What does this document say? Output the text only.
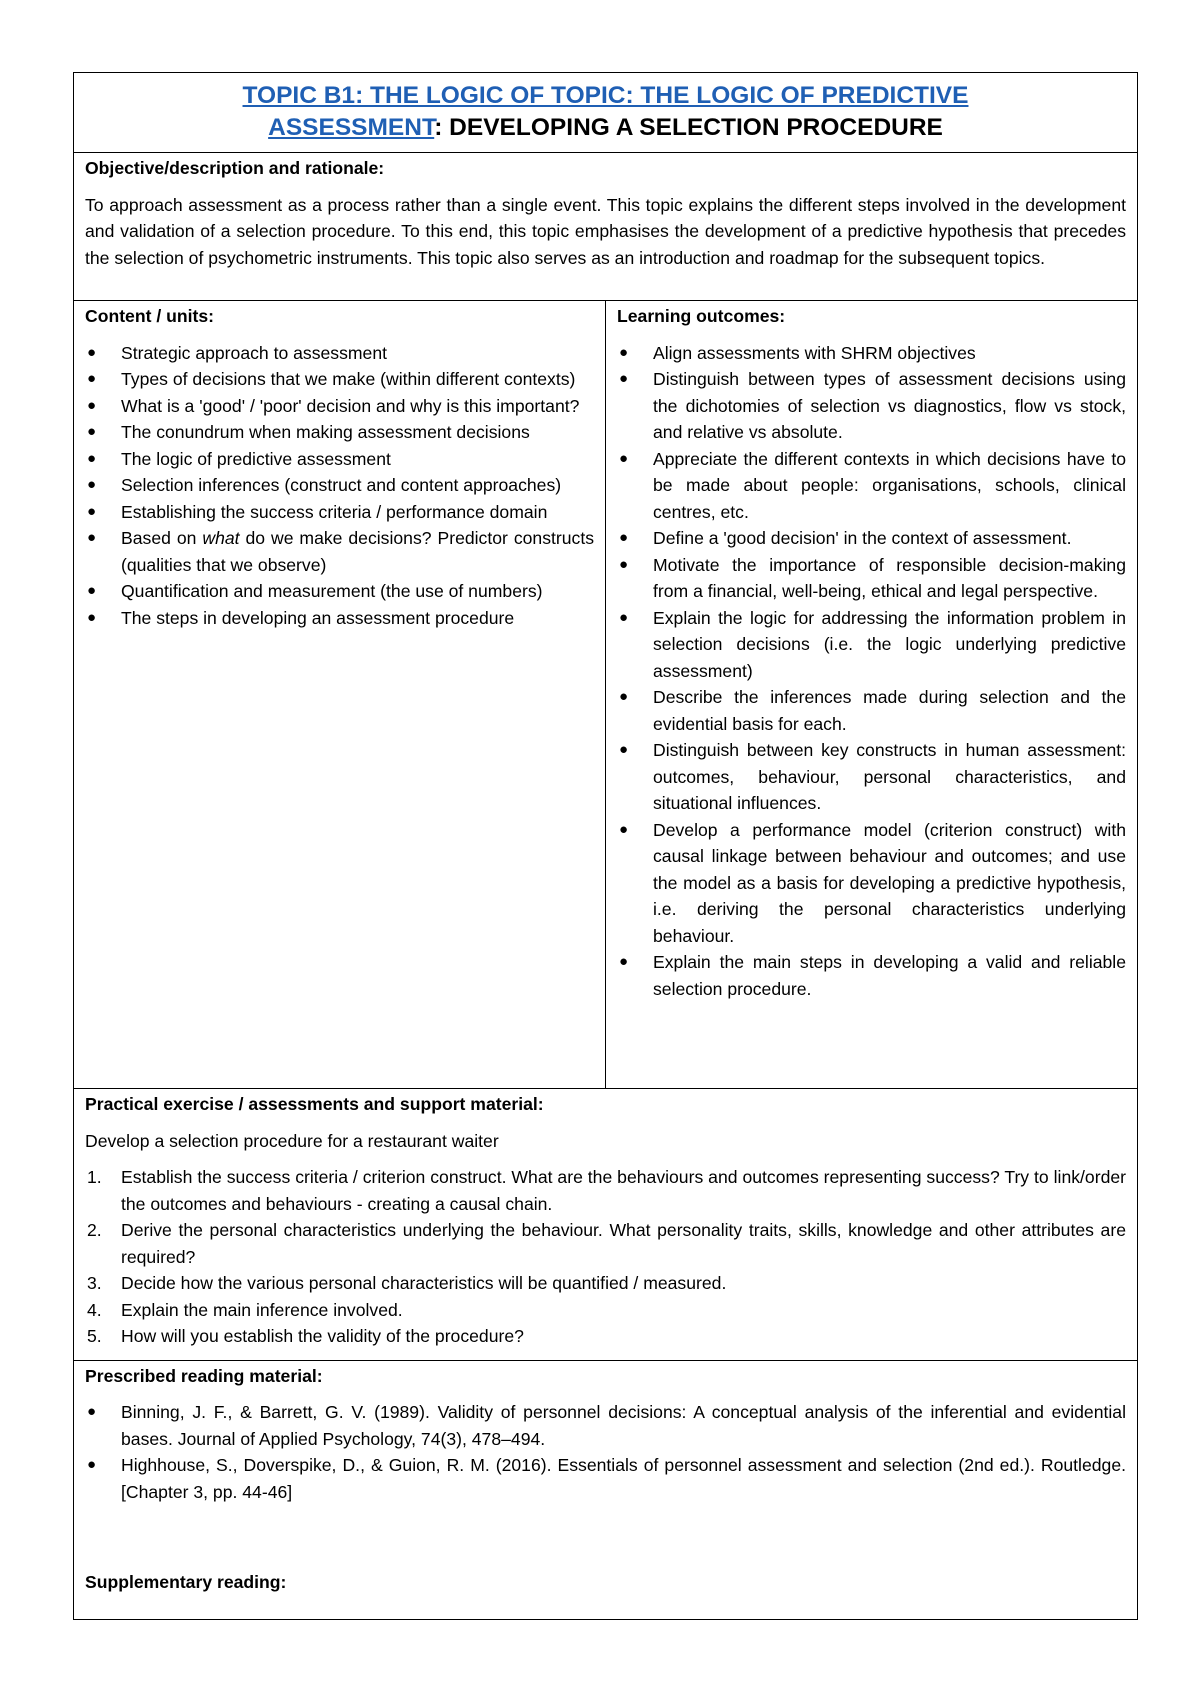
TOPIC B1: THE LOGIC OF TOPIC: THE LOGIC OF PREDICTIVE

ASSESSMENT: DEVELOPING A SELECTION PROCEDURE

Objective/description and rationale:

To approach assessment as a process rather than a single event. This topic explains the different steps involved in the development and validation of a selection procedure. To this end, this topic emphasises the development of a predictive hypothesis that precedes the selection of psychometric instruments. This topic also serves as an introduction and roadmap for the subsequent topics.

Content / units:

● Strategic approach to assessment
● Types of decisions that we make (within different contexts)
● What is a 'good' / 'poor' decision and why is this important?
● The conundrum when making assessment decisions
● The logic of predictive assessment
● Selection inferences (construct and content approaches)
● Establishing the success criteria / performance domain
● Based on what do we make decisions? Predictor constructs (qualities that we observe)
● Quantification and measurement (the use of numbers)
● The steps in developing an assessment procedure

Learning outcomes:

● Align assessments with SHRM objectives
● Distinguish between types of assessment decisions using the dichotomies of selection vs diagnostics, flow vs stock, and relative vs absolute.
● Appreciate the different contexts in which decisions have to be made about people: organisations, schools, clinical centres, etc.
● Define a 'good decision' in the context of assessment.
● Motivate the importance of responsible decision-making from a financial, well-being, ethical and legal perspective.
● Explain the logic for addressing the information problem in selection decisions (i.e. the logic underlying predictive assessment)
● Describe the inferences made during selection and the evidential basis for each.
● Distinguish between key constructs in human assessment: outcomes, behaviour, personal characteristics, and situational influences.
● Develop a performance model (criterion construct) with causal linkage between behaviour and outcomes; and use the model as a basis for developing a predictive hypothesis, i.e. deriving the personal characteristics underlying behaviour.
● Explain the main steps in developing a valid and reliable selection procedure.

Practical exercise / assessments and support material:

Develop a selection procedure for a restaurant waiter

1. Establish the success criteria / criterion construct. What are the behaviours and outcomes representing success? Try to link/order the outcomes and behaviours - creating a causal chain.
2. Derive the personal characteristics underlying the behaviour. What personality traits, skills, knowledge and other attributes are required?
3. Decide how the various personal characteristics will be quantified / measured.
4. Explain the main inference involved.
5. How will you establish the validity of the procedure?

Prescribed reading material:

● Binning, J. F., & Barrett, G. V. (1989). Validity of personnel decisions: A conceptual analysis of the inferential and evidential bases. Journal of Applied Psychology, 74(3), 478–494.
● Highhouse, S., Doverspike, D., & Guion, R. M. (2016). Essentials of personnel assessment and selection (2nd ed.). Routledge. [Chapter 3, pp. 44-46]

Supplementary reading:
